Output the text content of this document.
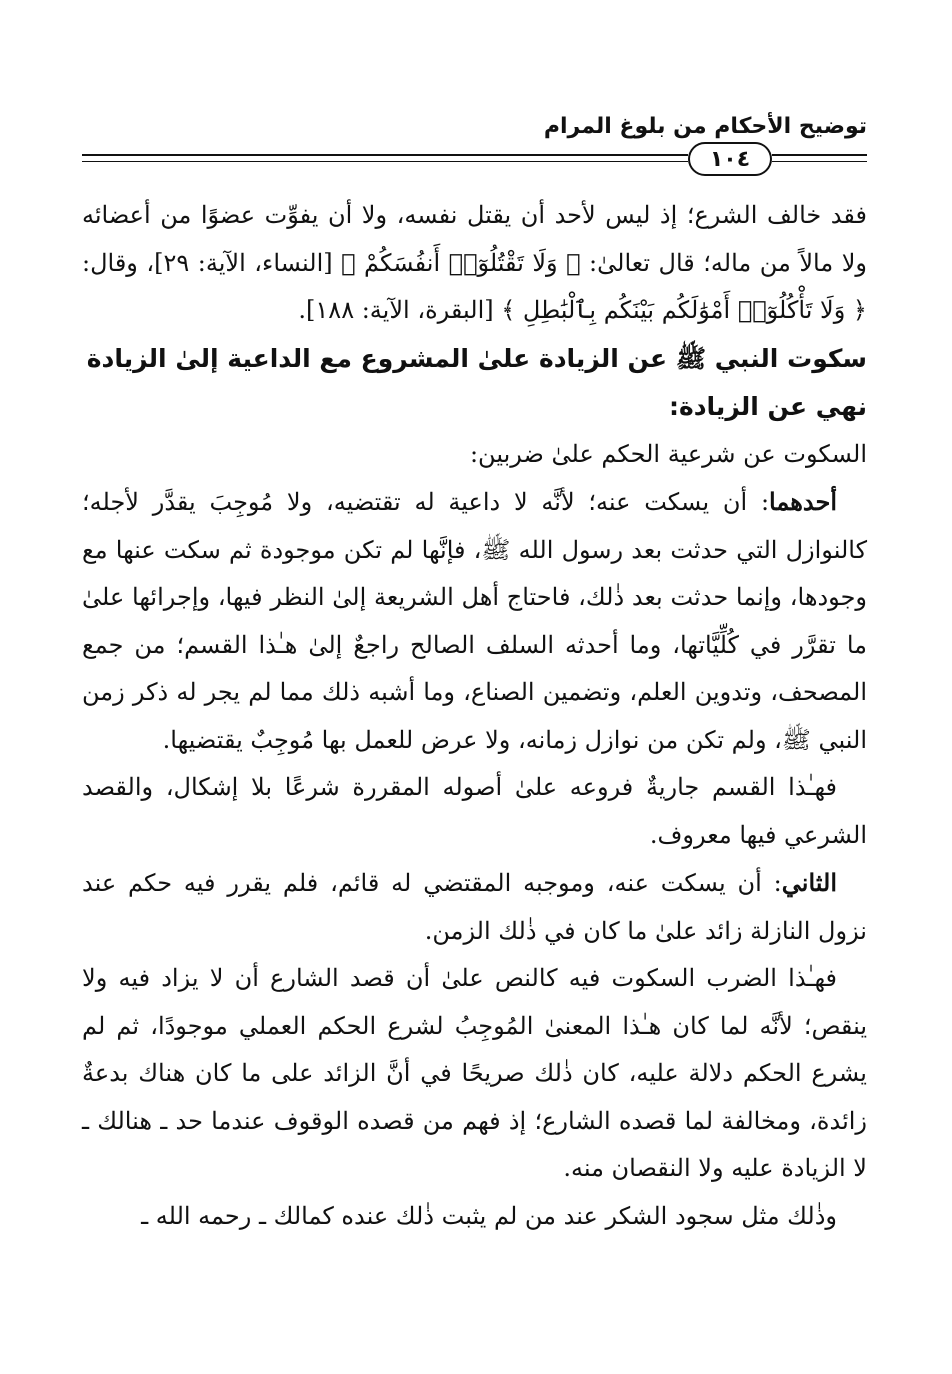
توضيح الأحكام من بلوغ المرام
١٠٤

فقد خالف الشرع؛ إذ ليس لأحد أن يقتل نفسه، ولا أن يفوِّت عضوًا من أعضائه ولا مالاً من ماله؛ قال تعالىٰ: ﴿ وَلَا تَقْتُلُوٓا۟ أَنفُسَكُمْ ﴾ [النساء، الآية: ٢٩]، وقال: ﴿ وَلَا تَأْكُلُوٓا۟ أَمْوَٰلَكُم بَيْنَكُم بِٱلْبَٰطِلِ ﴾ [البقرة، الآية: ١٨٨].

سكوت النبي ﷺ عن الزيادة علىٰ المشروع مع الداعية إلىٰ الزيادة نهي عن الزيادة:

السكوت عن شرعية الحكم علىٰ ضربين:

أحدهما: أن يسكت عنه؛ لأنَّه لا داعية له تقتضيه، ولا مُوجِبَ يقدَّر لأجله؛ كالنوازل التي حدثت بعد رسول الله ﷺ، فإنَّها لم تكن موجودة ثم سكت عنها مع وجودها، وإنما حدثت بعد ذٰلك، فاحتاج أهل الشريعة إلىٰ النظر فيها، وإجرائها علىٰ ما تقرَّر في كُلِّيَّاتها، وما أحدثه السلف الصالح راجعٌ إلىٰ هـٰذا القسم؛ من جمع المصحف، وتدوين العلم، وتضمين الصناع، وما أشبه ذلك مما لم يجر له ذكر زمن النبي ﷺ، ولم تكن من نوازل زمانه، ولا عرض للعمل بها مُوجِبٌ يقتضيها.

فهـٰذا القسم جاريةٌ فروعه علىٰ أصوله المقررة شرعًا بلا إشكال، والقصد الشرعي فيها معروف.

الثاني: أن يسكت عنه، وموجبه المقتضي له قائم، فلم يقرر فيه حكم عند نزول النازلة زائد علىٰ ما كان في ذٰلك الزمن.

فهـٰذا الضرب السكوت فيه كالنص علىٰ أن قصد الشارع أن لا يزاد فيه ولا ينقص؛ لأنَّه لما كان هـٰذا المعنىٰ المُوجِبُ لشرع الحكم العملي موجودًا، ثم لم يشرع الحكم دلالة عليه، كان ذٰلك صريحًا في أنَّ الزائد على ما كان هناك بدعةٌ زائدة، ومخالفة لما قصده الشارع؛ إذ فهم من قصده الوقوف عندما حد ـ هنالك ـ لا الزيادة عليه ولا النقصان منه.

وذٰلك مثل سجود الشكر عند من لم يثبت ذٰلك عنده كمالك ـ رحمه الله ـ
